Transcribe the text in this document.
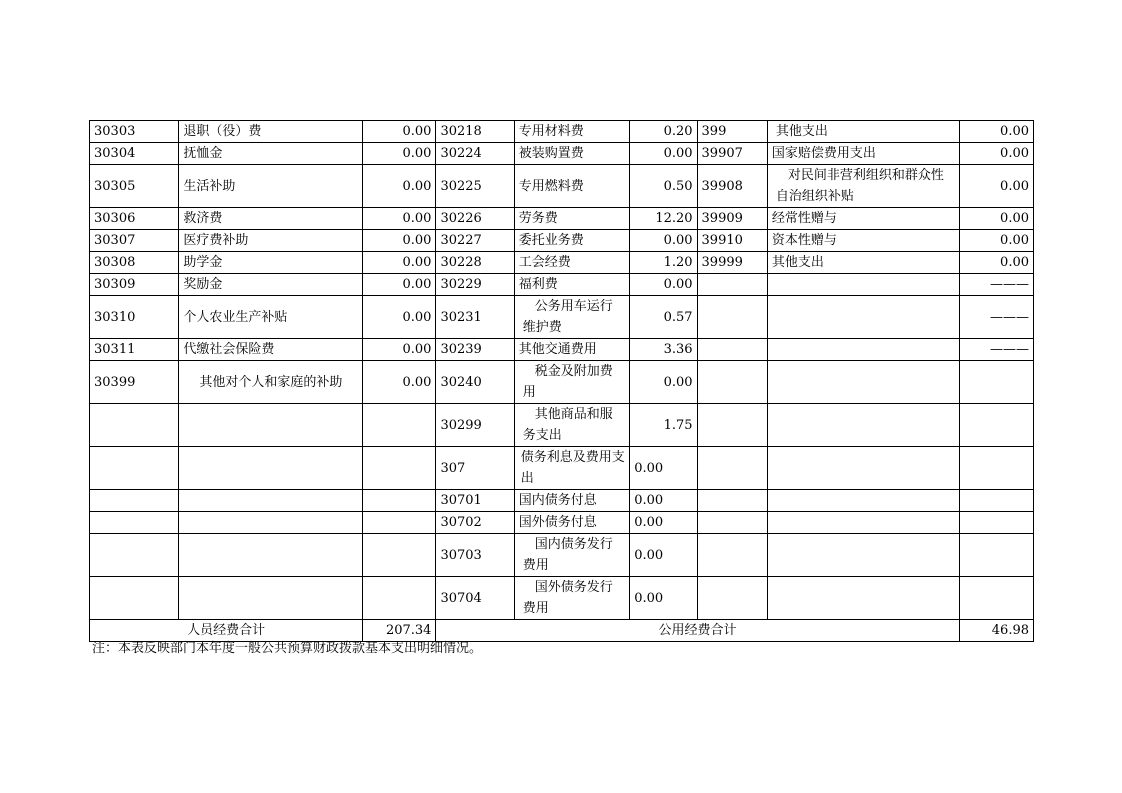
30303	退职（役）费	0.00	30218	专用材料费	0.20	399	其他支出	0.00
30304	抚恤金	0.00	30224	被装购置费	0.00	39907	国家赔偿费用支出	0.00
30305	生活补助	0.00	30225	专用燃料费	0.50	39908	对民间非营利组织和群众性自治组织补贴	0.00
30306	救济费	0.00	30226	劳务费	12.20	39909	经常性赠与	0.00
30307	医疗费补助	0.00	30227	委托业务费	0.00	39910	资本性赠与	0.00
30308	助学金	0.00	30228	工会经费	1.20	39999	其他支出	0.00
30309	奖励金	0.00	30229	福利费	0.00			———
30310	个人农业生产补贴	0.00	30231	公务用车运行维护费	0.57			———
30311	代缴社会保险费	0.00	30239	其他交通费用	3.36			———
30399	其他对个人和家庭的补助	0.00	30240	税金及附加费用	0.00			
			30299	其他商品和服务支出	1.75			
			307	债务利息及费用支出	0.00			
			30701	国内债务付息	0.00			
			30702	国外债务付息	0.00			
			30703	国内债务发行费用	0.00			
			30704	国外债务发行费用	0.00			
人员经费合计		207.34	公用经费合计					46.98
注：本表反映部门本年度一般公共预算财政拨款基本支出明细情况。
